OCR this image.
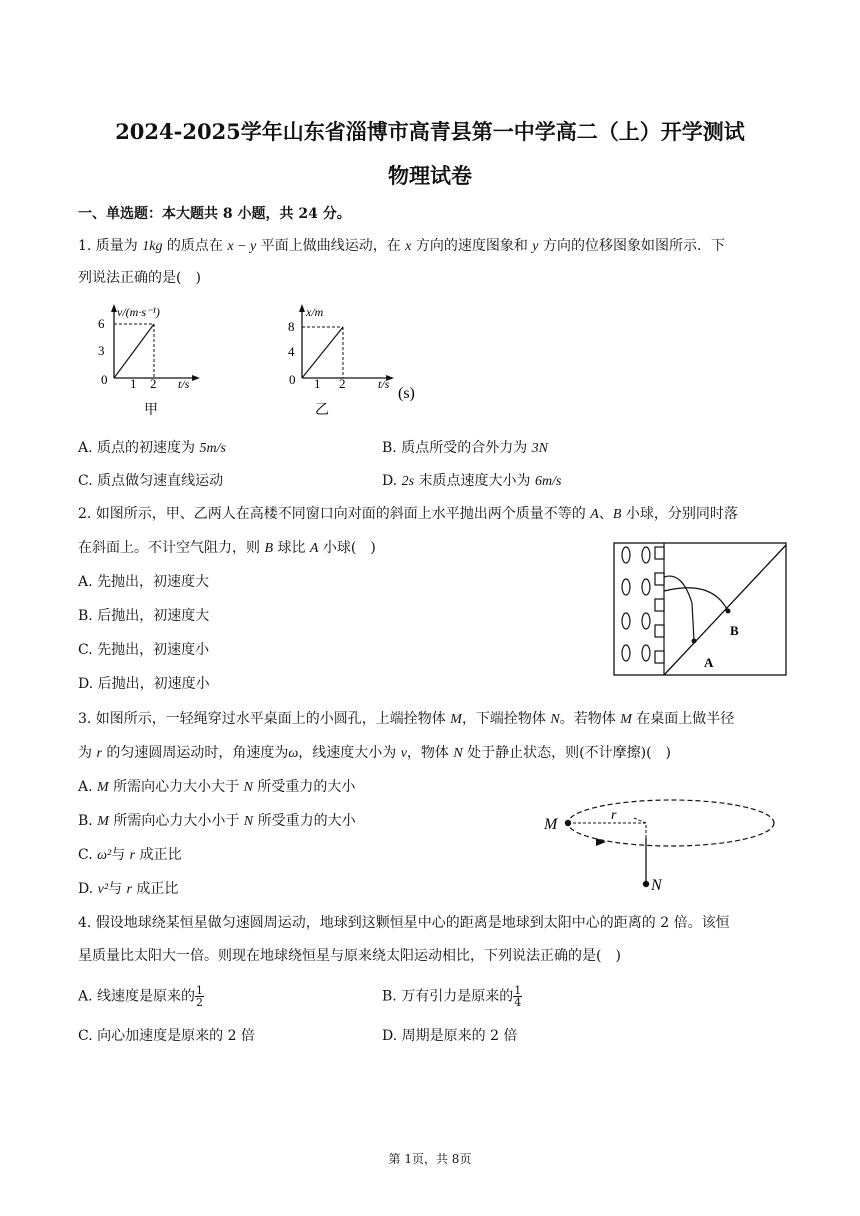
2024-2025学年山东省淄博市高青县第一中学高二（上）开学测试
物理试卷
一、单选题：本大题共 8 小题，共 24 分。
1. 质量为 1kg 的质点在 x − y 平面上做曲线运动，在 x 方向的速度图象和 y 方向的位移图象如图所示．下
列说法正确的是(　)
v/(m·s⁻¹)
6
3
0 1 2 t/s
甲
x/m
8
4
0 1 2	t/s
(s)
乙
A. 质点的初速度为 5m/s	B. 质点所受的合外力为 3N
C. 质点做匀速直线运动	D. 2s 末质点速度大小为 6m/s
2. 如图所示，甲、乙两人在高楼不同窗口向对面的斜面上水平抛出两个质量不等的 A、B 小球，分别同时落
在斜面上。不计空气阻力，则 B 球比 A 小球(　)
A. 先抛出，初速度大
B. 后抛出，初速度大
C. 先抛出，初速度小
D. 后抛出，初速度小
B
A
3. 如图所示，一轻绳穿过水平桌面上的小圆孔，上端拴物体 M，下端拴物体 N。若物体 M 在桌面上做半径
为 r 的匀速圆周运动时，角速度为ω，线速度大小为 v，物体 N 处于静止状态，则(不计摩擦)(　)
A. M 所需向心力大小大于 N 所受重力的大小
B. M 所需向心力大小小于 N 所受重力的大小
C. ω²与 r 成正比
D. v²与 r 成正比
M
r
N
4. 假设地球绕某恒星做匀速圆周运动，地球到这颗恒星中心的距离是地球到太阳中心的距离的 2 倍。该恒
星质量比太阳大一倍。则现在地球绕恒星与原来绕太阳运动相比，下列说法正确的是(　)
A. 线速度是原来的 $\frac{1}{2}$	B. 万有引力是原来的 $\frac{1}{4}$
C. 向心加速度是原来的 2 倍	D. 周期是原来的 2 倍
第 1页，共 8页
